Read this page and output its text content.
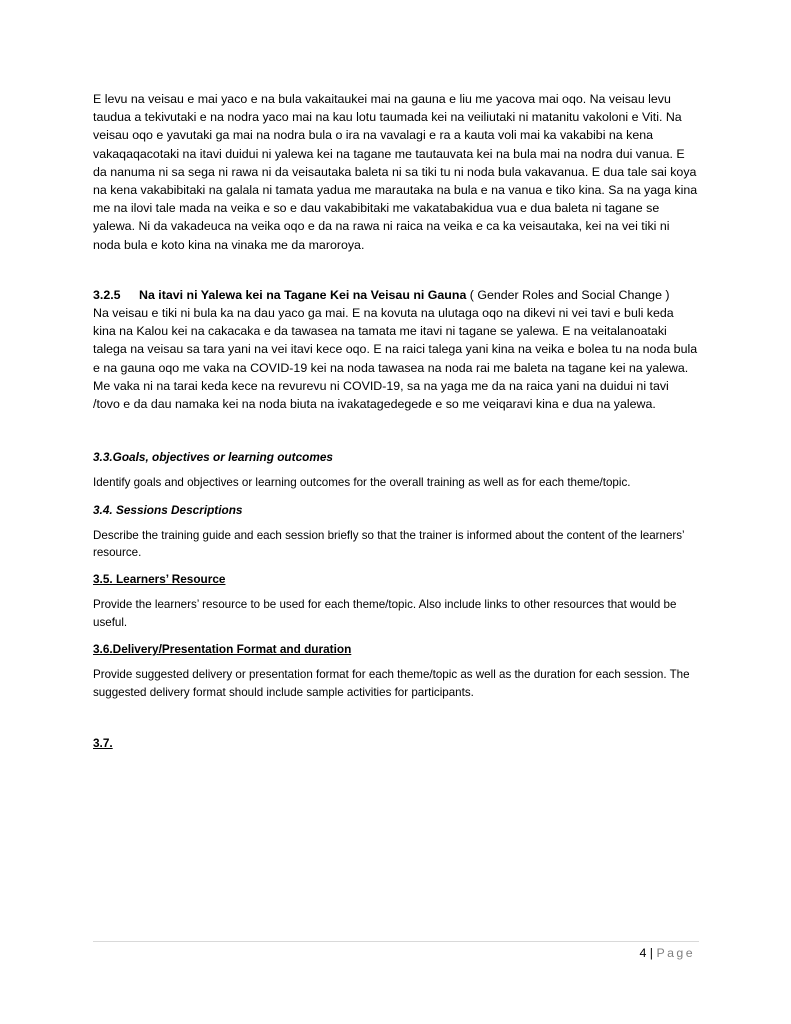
E levu na veisau e mai yaco e na bula vakaitaukei mai na gauna e liu me yacova mai oqo. Na veisau levu taudua a tekivutaki e na nodra yaco mai na kau lotu taumada kei na veiliutaki ni matanitu vakoloni e Viti. Na veisau oqo e yavutaki ga mai na nodra bula o ira na vavalagi e ra a kauta voli mai ka vakabibi na kena vakaqaqacotaki na itavi duidui ni yalewa kei na tagane me tautauvata kei na bula mai na nodra dui vanua. E da nanuma ni sa sega ni rawa ni da veisautaka baleta ni sa tiki tu ni noda bula vakavanua. E dua tale sai koya na kena vakabibitaki na galala ni tamata yadua me marautaka na bula e na vanua e tiko kina. Sa na yaga kina me na ilovi tale mada na veika e so e dau vakabibitaki me vakatabakidua vua e dua baleta ni tagane se yalewa. Ni da vakadeuca na veika oqo e da na rawa ni raica na veika e ca ka veisautaka, kei na vei tiki ni noda bula e koto kina na vinaka me da maroroya.

3.2.5	Na itavi ni Yalewa kei na Tagane Kei na Veisau ni Gauna ( Gender Roles and Social Change )

Na veisau e tiki ni bula ka na dau yaco ga mai. E na kovuta na ulutaga oqo na dikevi ni vei tavi e buli keda kina na Kalou kei na cakacaka e da tawasea na tamata me itavi ni tagane se yalewa. E na veitalanoataki talega na veisau sa tara yani na vei itavi kece oqo. E na raici talega yani kina na veika e bolea tu na noda bula e na gauna oqo me vaka na COVID-19 kei na noda tawasea na noda rai me baleta na tagane kei na yalewa. Me vaka ni na tarai keda kece na revurevu ni COVID-19, sa na yaga me da na raica yani na duidui ni tavi /tovo e da dau namaka kei na noda biuta na ivakatagedegede e so me veiqaravi kina e dua na yalewa.

3.3.Goals, objectives or learning outcomes

Identify goals and objectives or learning outcomes for the overall training as well as for each theme/topic.

3.4. Sessions Descriptions

Describe the training guide and each session briefly so that the trainer is informed about the content of the learners’ resource.

3.5. Learners’ Resource

Provide the learners’ resource to be used for each theme/topic. Also include links to other resources that would be useful.

3.6.Delivery/Presentation Format and duration

Provide suggested delivery or presentation format for each theme/topic as well as the duration for each session. The suggested delivery format should include sample activities for participants.

3.7.

4 | Page
